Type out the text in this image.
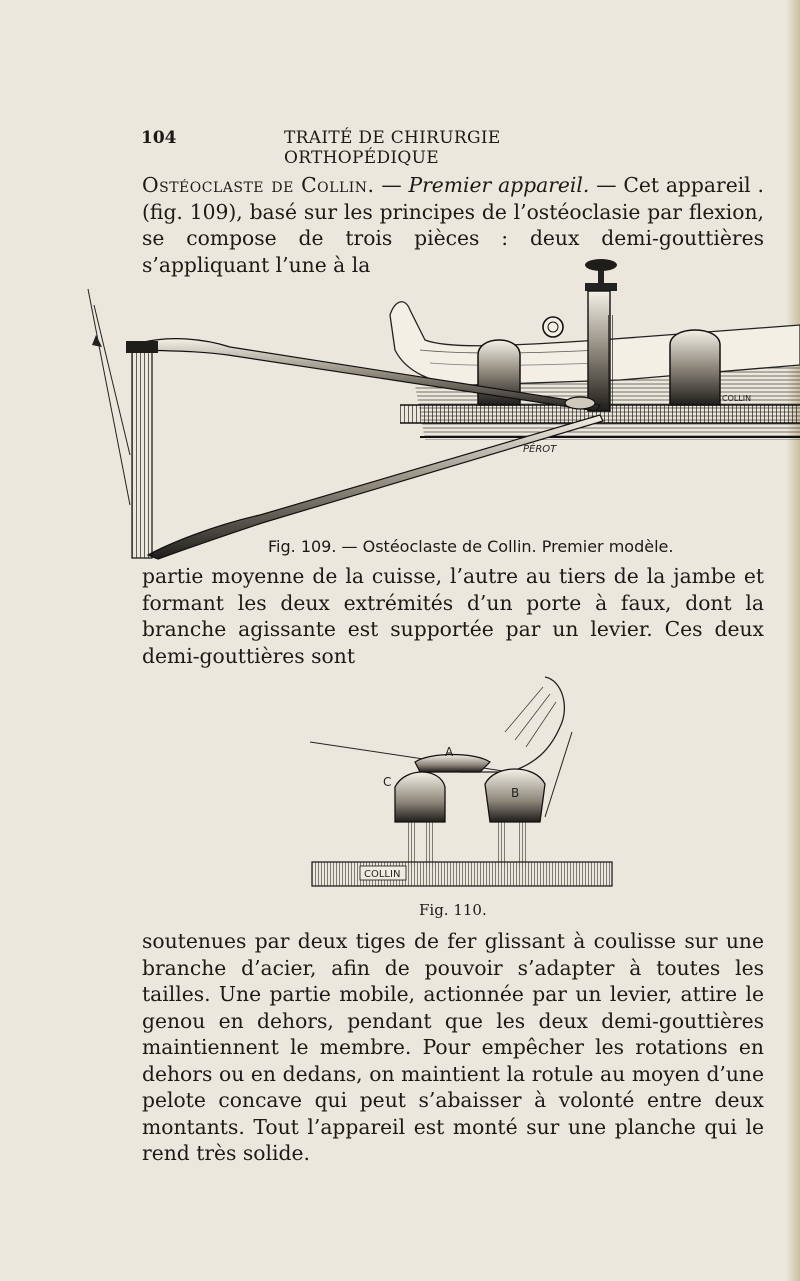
104	TRAITÉ DE CHIRURGIE ORTHOPÉDIQUE

Ostéoclaste de Collin. — Premier appareil. — Cet appareil . (fig. 109), basé sur les principes de l’ostéoclasie par flexion, se compose de trois pièces : deux demi-gouttières s’appliquant l’une à la

COLLIN
PÉROT
Fig. 109. — Ostéoclaste de Collin. Premier modèle.

partie moyenne de la cuisse, l’autre au tiers de la jambe et formant les deux extrémités d’un porte à faux, dont la branche agissante est supportée par un levier. Ces deux demi-gouttières sont

A
B
C
COLLIN
Fig. 110.

soutenues par deux tiges de fer glissant à coulisse sur une branche d’acier, afin de pouvoir s’adapter à toutes les tailles. Une partie mobile, actionnée par un levier, attire le genou en dehors, pendant que les deux demi-gouttières maintiennent le membre. Pour empêcher les rotations en dehors ou en dedans, on maintient la rotule au moyen d’une pelote concave qui peut s’abaisser à volonté entre deux montants. Tout l’appareil est monté sur une planche qui le rend très solide.
